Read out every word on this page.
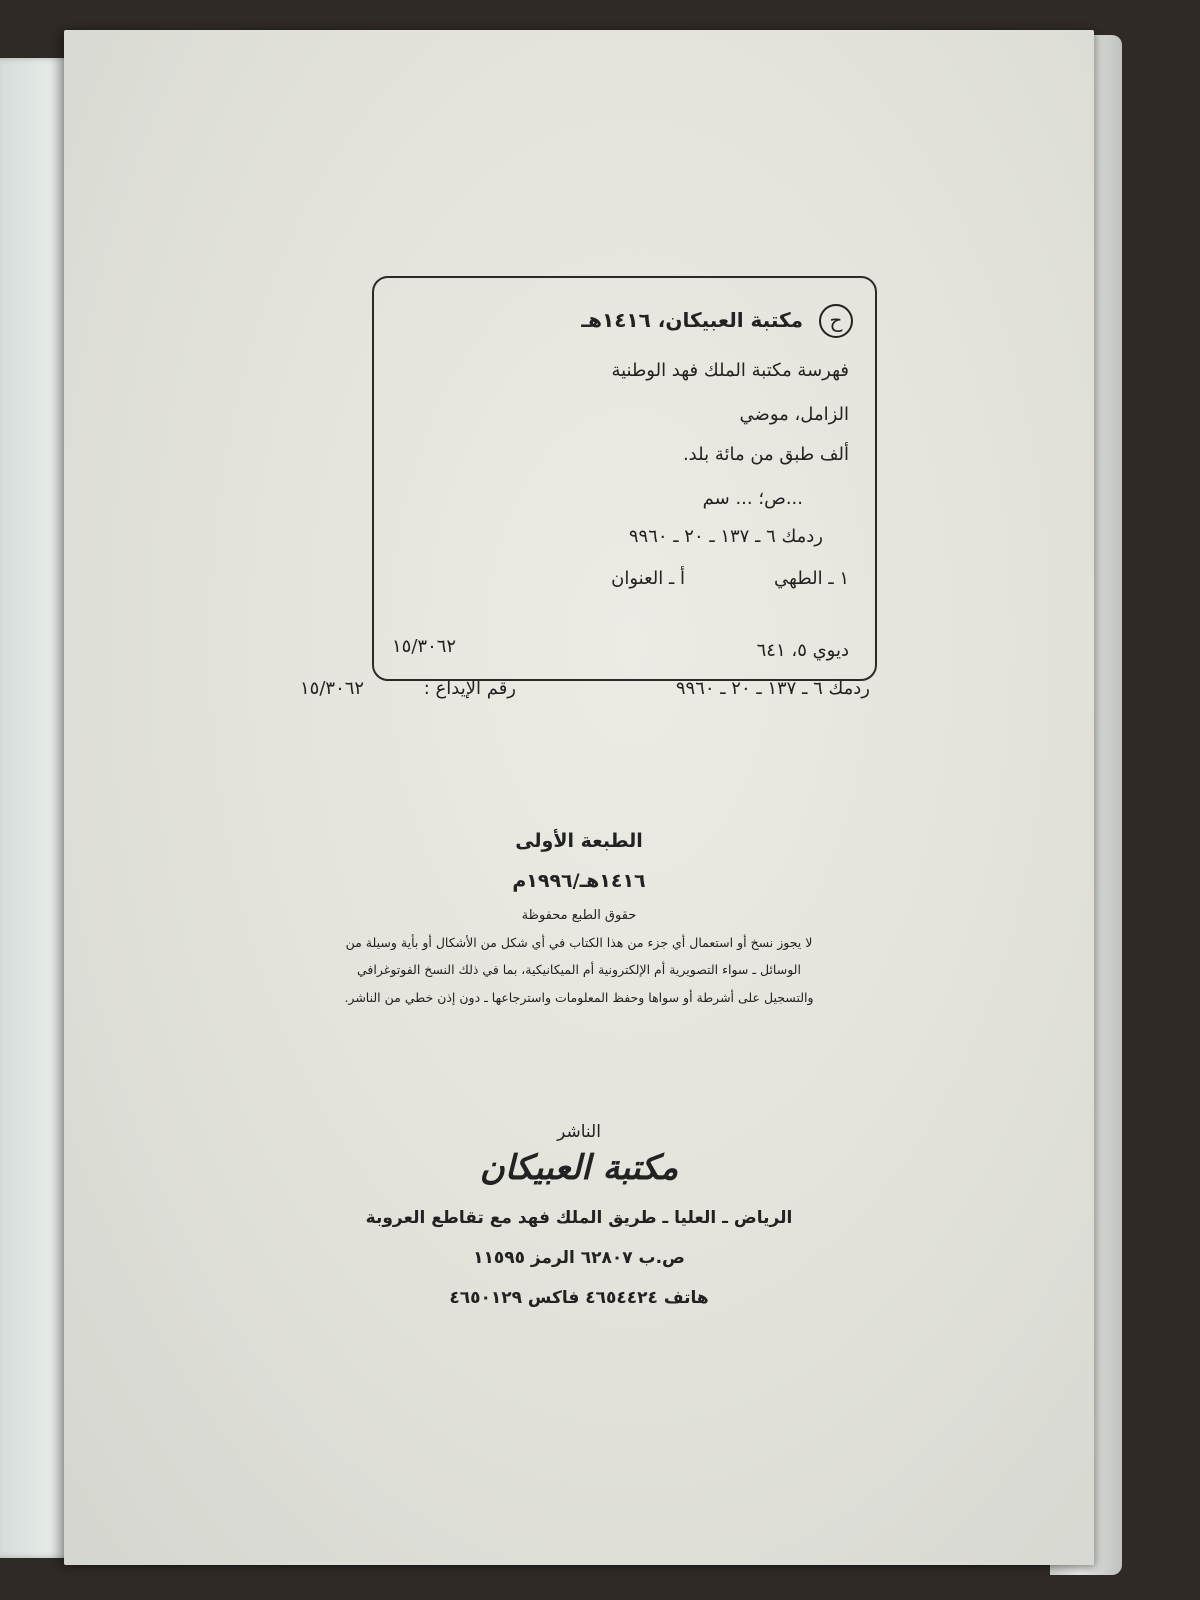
ح
مكتبة العبيكان، ١٤١٦هـ
فهرسة مكتبة الملك فهد الوطنية
الزامل، موضي
ألف طبق من مائة بلد.
...ص؛ ... سم
ردمك ٦ ـ ١٣٧ ـ ٢٠ ـ ٩٩٦٠
١ ـ الطهي
أ ـ العنوان
ديوي ٥، ٦٤١
١٥/٣٠٦٢
ردمك ٦ ـ ١٣٧ ـ ٢٠ ـ ٩٩٦٠
رقم الإيداع :
١٥/٣٠٦٢
الطبعة الأولى
١٤١٦هـ/١٩٩٦م
حقوق الطبع محفوظة
لا يجوز نسخ أو استعمال أي جزء من هذا الكتاب في أي شكل من الأشكال أو بأية وسيلة من
الوسائل ـ سواء التصويرية أم الإلكترونية أم الميكانيكية، بما في ذلك النسخ الفوتوغرافي
والتسجيل على أشرطة أو سواها وحفظ المعلومات واسترجاعها ـ دون إذن خطي من الناشر.
الناشر
مكتبة العبيكان
الرياض ـ العليا ـ طريق الملك فهد مع تقاطع العروبة
ص.ب ٦٢٨٠٧ الرمز ١١٥٩٥
هاتف ٤٦٥٤٤٢٤ فاكس ٤٦٥٠١٢٩
